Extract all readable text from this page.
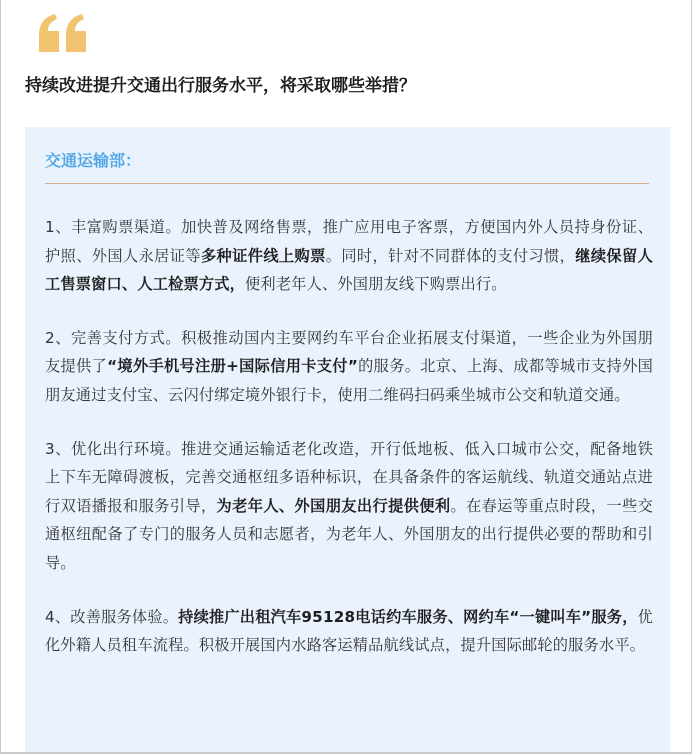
持续改进提升交通出行服务水平，将采取哪些举措？
交通运输部：

1、丰富购票渠道。加快普及网络售票，推广应用电子客票，方便国内外人员持身份证、护照、外国人永居证等多种证件线上购票。同时，针对不同群体的支付习惯，继续保留人工售票窗口、人工检票方式，便利老年人、外国朋友线下购票出行。

2、完善支付方式。积极推动国内主要网约车平台企业拓展支付渠道，一些企业为外国朋友提供了“境外手机号注册+国际信用卡支付”的服务。北京、上海、成都等城市支持外国朋友通过支付宝、云闪付绑定境外银行卡，使用二维码扫码乘坐城市公交和轨道交通。

3、优化出行环境。推进交通运输适老化改造，开行低地板、低入口城市公交，配备地铁上下车无障碍渡板，完善交通枢纽多语种标识，在具备条件的客运航线、轨道交通站点进行双语播报和服务引导，为老年人、外国朋友出行提供便利。在春运等重点时段，一些交通枢纽配备了专门的服务人员和志愿者，为老年人、外国朋友的出行提供必要的帮助和引导。

4、改善服务体验。持续推广出租汽车95128电话约车服务、网约车“一键叫车”服务，优化外籍人员租车流程。积极开展国内水路客运精品航线试点，提升国际邮轮的服务水平。
